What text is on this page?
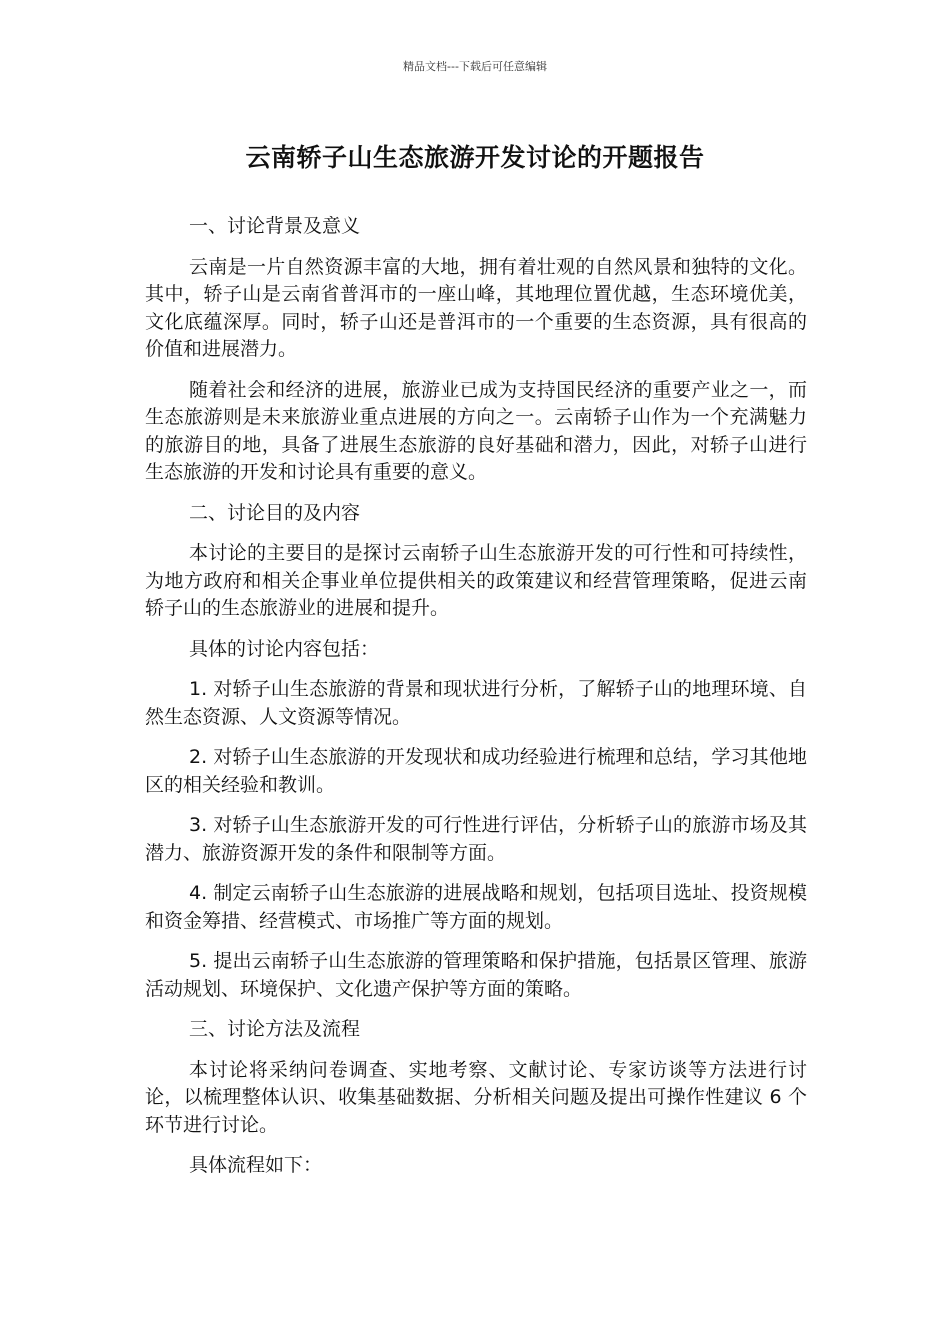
精品文档---下载后可任意编辑
云南轿子山生态旅游开发讨论的开题报告

一、讨论背景及意义

云南是一片自然资源丰富的大地，拥有着壮观的自然风景和独特的文化。其中，轿子山是云南省普洱市的一座山峰，其地理位置优越，生态环境优美，文化底蕴深厚。同时，轿子山还是普洱市的一个重要的生态资源，具有很高的价值和进展潜力。

随着社会和经济的进展，旅游业已成为支持国民经济的重要产业之一，而生态旅游则是未来旅游业重点进展的方向之一。云南轿子山作为一个充满魅力的旅游目的地，具备了进展生态旅游的良好基础和潜力，因此，对轿子山进行生态旅游的开发和讨论具有重要的意义。

二、讨论目的及内容

本讨论的主要目的是探讨云南轿子山生态旅游开发的可行性和可持续性，为地方政府和相关企事业单位提供相关的政策建议和经营管理策略，促进云南轿子山的生态旅游业的进展和提升。

具体的讨论内容包括：

1. 对轿子山生态旅游的背景和现状进行分析，了解轿子山的地理环境、自然生态资源、人文资源等情况。

2. 对轿子山生态旅游的开发现状和成功经验进行梳理和总结，学习其他地区的相关经验和教训。

3. 对轿子山生态旅游开发的可行性进行评估，分析轿子山的旅游市场及其潜力、旅游资源开发的条件和限制等方面。

4. 制定云南轿子山生态旅游的进展战略和规划，包括项目选址、投资规模和资金筹措、经营模式、市场推广等方面的规划。

5. 提出云南轿子山生态旅游的管理策略和保护措施，包括景区管理、旅游活动规划、环境保护、文化遗产保护等方面的策略。

三、讨论方法及流程

本讨论将采纳问卷调查、实地考察、文献讨论、专家访谈等方法进行讨论，以梳理整体认识、收集基础数据、分析相关问题及提出可操作性建议 6 个环节进行讨论。

具体流程如下：
